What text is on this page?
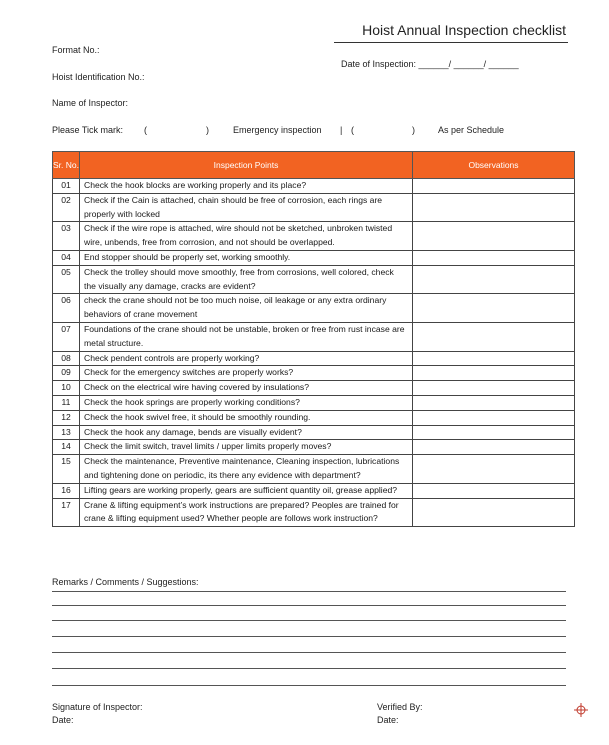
Hoist Annual Inspection checklist
Format No.:
Date of Inspection: ______/ ______/ ______
Hoist Identification No.:
Name of Inspector:
Please Tick mark: (	)	Emergency inspection | (	)	As per Schedule
Sr. No.	Inspection Points	Observations
01	Check the hook blocks are working properly and its place?	
02	Check if the Cain is attached, chain should be free of corrosion, each rings are properly with locked	
03	Check if the wire rope is attached, wire should not be sketched, unbroken twisted wire, unbends, free from corrosion, and not should be overlapped.	
04	End stopper should be properly set, working smoothly.	
05	Check the trolley should move smoothly, free from corrosions, well colored, check the visually any damage, cracks are evident?	
06	check the crane should not be too much noise, oil leakage or any extra ordinary behaviors of crane movement	
07	Foundations of the crane should not be unstable, broken or free from rust incase are metal structure.	
08	Check pendent controls are properly working?	
09	Check for the emergency switches are properly works?	
10	Check on the electrical wire having covered by insulations?	
11	Check the hook springs are properly working conditions?	
12	Check the hook swivel free, it should be smoothly rounding.	
13	Check the hook any damage, bends are visually evident?	
14	Check the limit switch, travel limits / upper limits properly moves?	
15	Check the maintenance, Preventive maintenance, Cleaning inspection, lubrications and tightening done on periodic, its there any evidence with department?	
16	Lifting gears are working properly, gears are sufficient quantity oil, grease applied?	
17	Crane & lifting equipment’s work instructions are prepared? Peoples are trained for crane & lifting equipment used? Whether people are follows work instruction?	
Remarks / Comments / Suggestions:
Signature of Inspector:
Date:
Verified By:
Date:
